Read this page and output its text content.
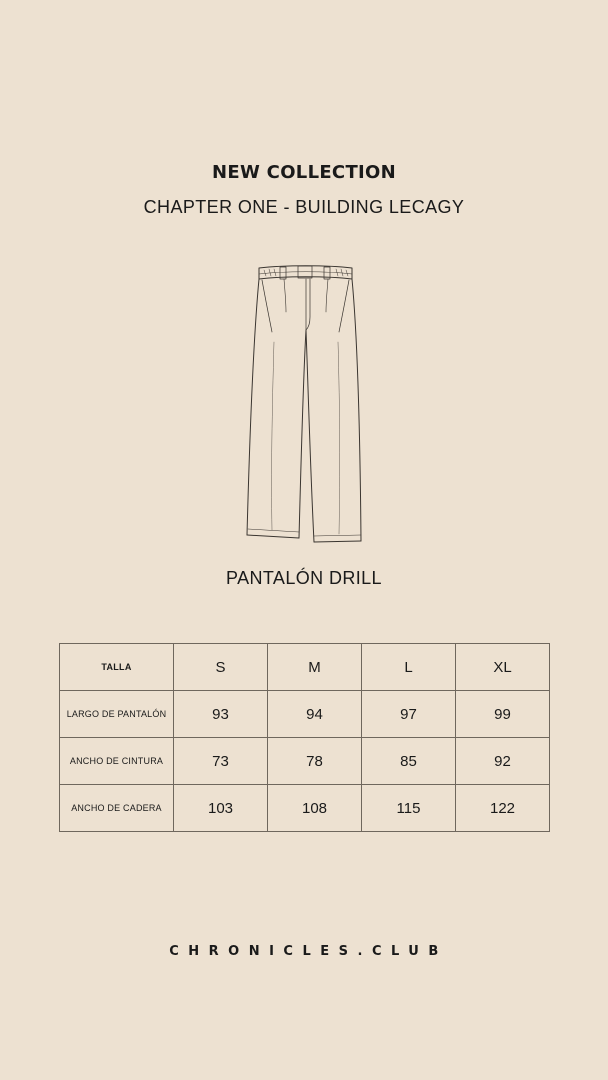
NEW COLLECTION
CHAPTER ONE - BUILDING LECAGY
PANTALÓN DRILL
TALLA	S	M	L	XL
LARGO DE PANTALÓN	93	94	97	99
ANCHO DE CINTURA	73	78	85	92
ANCHO DE CADERA	103	108	115	122
CHRONICLES.CLUB
